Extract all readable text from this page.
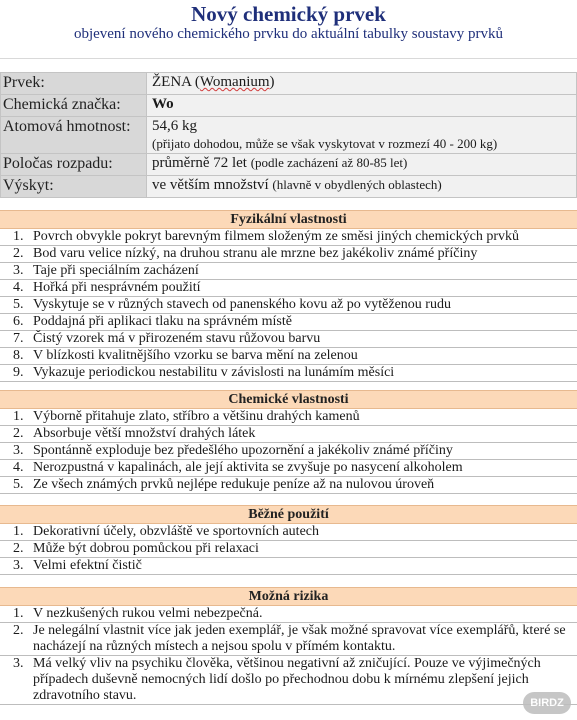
Nový chemický prvek
objevení nového chemického prvku do aktuální tabulky soustavy prvků
Prvek:	ŽENA (Womanium)
Chemická značka:	Wo
Atomová hmotnost:	54,6 kg
(přijato dohodou, může se však vyskytovat v rozmezí 40 - 200 kg)

Poločas rozpadu:	průměrně 72 let (podle zacházení až 80-85 let)
Výskyt:	ve větším množství (hlavně v obydlených oblastech)
Fyzikální vlastnosti
1. Povrch obvykle pokryt barevným filmem složeným ze směsi jiných chemických prvků
2. Bod varu velice nízký, na druhou stranu ale mrzne bez jakékoliv známé příčiny
3. Taje při speciálním zacházení
4. Hořká při nesprávném použití
5. Vyskytuje se v různých stavech od panenského kovu až po vytěženou rudu
6. Poddajná při aplikaci tlaku na správném místě
7. Čistý vzorek má v přirozeném stavu růžovou barvu
8. V blízkosti kvalitnějšího vzorku se barva mění na zelenou
9. Vykazuje periodickou nestabilitu v závislosti na lunámím měsíci
Chemické vlastnosti
1. Výborně přitahuje zlato, stříbro a většinu drahých kamenů
2. Absorbuje větší množství drahých látek
3. Spontánně exploduje bez předešlého upozornění a jakékoliv známé příčiny
4. Nerozpustná v kapalinách, ale její aktivita se zvyšuje po nasycení alkoholem
5. Ze všech známých prvků nejlépe redukuje peníze až na nulovou úroveň
Běžné použití
1. Dekorativní účely, obzvláště ve sportovních autech
2. Může být dobrou pomůckou při relaxaci
3. Velmi efektní čistič
Možná rizika
1. V nezkušených rukou velmi nebezpečná.
2. Je nelegální vlastnit více jak jeden exemplář, je však možné spravovat více exemplářů, které se nacházejí na různých místech a nejsou spolu v přímém kontaktu.
3. Má velký vliv na psychiku člověka, většinou negativní až zničující. Pouze ve výjimečných případech duševně nemocných lidí došlo po přechodnou dobu k mírnému zlepšení jejich zdravotního stavu.	BIRDZ
